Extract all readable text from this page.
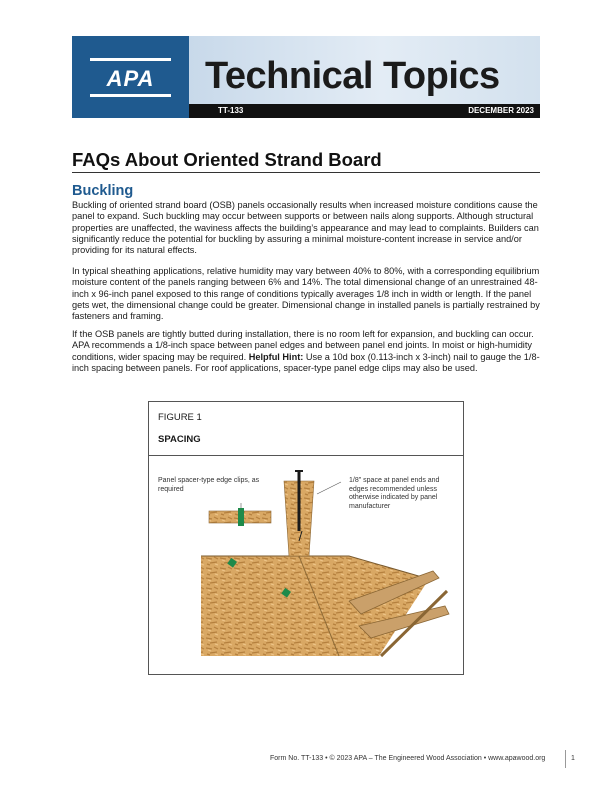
APA	Technical Topics
TT-133	DECEMBER 2023
FAQs About Oriented Strand Board
Buckling
Buckling of oriented strand board (OSB) panels occasionally results when increased moisture conditions cause the panel to expand. Such buckling may occur between supports or between nails along supports. Although structural properties are unaffected, the waviness affects the building’s appearance and may lead to complaints. Builders can significantly reduce the potential for buckling by assuring a minimal moisture-content increase in service and/or providing for its natural effects.
In typical sheathing applications, relative humidity may vary between 40% to 80%, with a corresponding equilibrium moisture content of the panels ranging between 6% and 14%. The total dimensional change of an unrestrained 48-inch x 96-inch panel exposed to this range of conditions typically averages 1/8 inch in width or length. If the panel gets wet, the dimensional change could be greater. Dimensional change in installed panels is partially restrained by fasteners and framing.
If the OSB panels are tightly butted during installation, there is no room left for expansion, and buckling can occur. APA recommends a 1/8-inch space between panel edges and between panel end joints. In moist or high-humidity conditions, wider spacing may be required. Helpful Hint: Use a 10d box (0.113-inch x 3-inch) nail to gauge the 1/8-inch spacing between panels. For roof applications, spacer-type panel edge clips may also be used.
FIGURE 1
SPACING
Panel spacer-type edge clips, as required
1/8" space at panel ends and edges recommended unless otherwise indicated by panel manufacturer
Form No. TT-133 • © 2023 APA – The Engineered Wood Association • www.apawood.org	1
